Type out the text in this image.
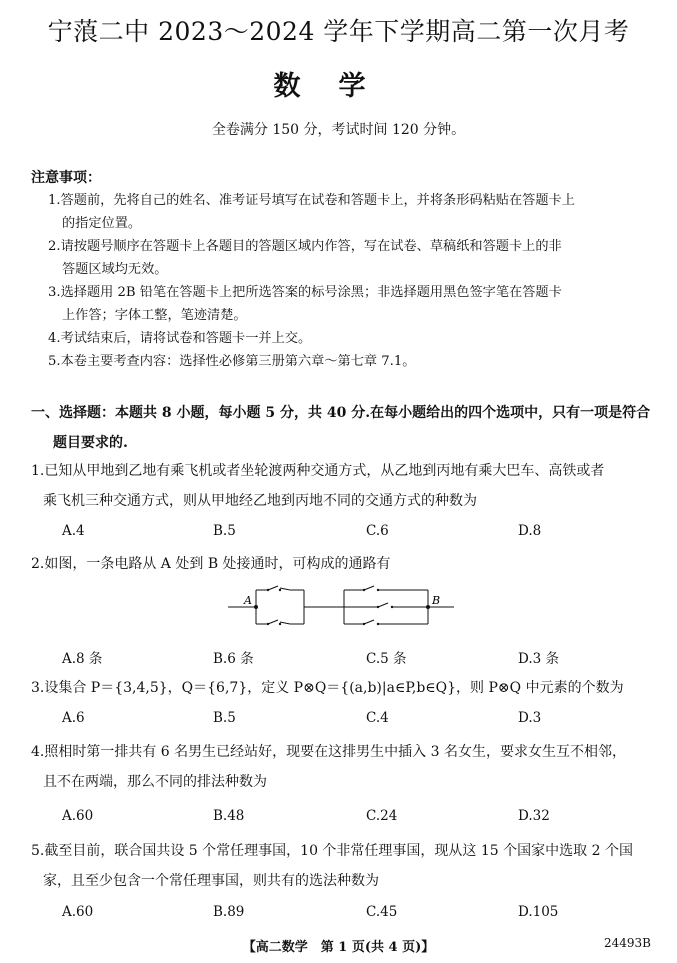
宁蒗二中 2023～2024 学年下学期高二第一次月考
数学
全卷满分 150 分，考试时间 120 分钟。
注意事项：
1.答题前，先将自己的姓名、准考证号填写在试卷和答题卡上，并将条形码粘贴在答题卡上
的指定位置。
2.请按题号顺序在答题卡上各题目的答题区域内作答，写在试卷、草稿纸和答题卡上的非
答题区域均无效。
3.选择题用 2B 铅笔在答题卡上把所选答案的标号涂黑；非选择题用黑色签字笔在答题卡
上作答；字体工整，笔迹清楚。
4.考试结束后，请将试卷和答题卡一并上交。
5.本卷主要考查内容：选择性必修第三册第六章～第七章 7.1。
一、选择题：本题共 8 小题，每小题 5 分，共 40 分.在每小题给出的四个选项中，只有一项是符合
题目要求的.
1.已知从甲地到乙地有乘飞机或者坐轮渡两种交通方式，从乙地到丙地有乘大巴车、高铁或者
乘飞机三种交通方式，则从甲地经乙地到丙地不同的交通方式的种数为
A.4	B.5	C.6	D.8
2.如图，一条电路从 A 处到 B 处接通时，可构成的通路有
A	B
A.8 条	B.6 条	C.5 条	D.3 条
3.设集合 P＝{3,4,5}，Q＝{6,7}，定义 P⊗Q＝{(a,b)|a∈P,b∈Q}，则 P⊗Q 中元素的个数为
A.6	B.5	C.4	D.3
4.照相时第一排共有 6 名男生已经站好，现要在这排男生中插入 3 名女生，要求女生互不相邻，
且不在两端，那么不同的排法种数为
A.60	B.48	C.24	D.32
5.截至目前，联合国共设 5 个常任理事国，10 个非常任理事国，现从这 15 个国家中选取 2 个国
家，且至少包含一个常任理事国，则共有的选法种数为
A.60	B.89	C.45	D.105
【高二数学　第 1 页(共 4 页)】	24493B
